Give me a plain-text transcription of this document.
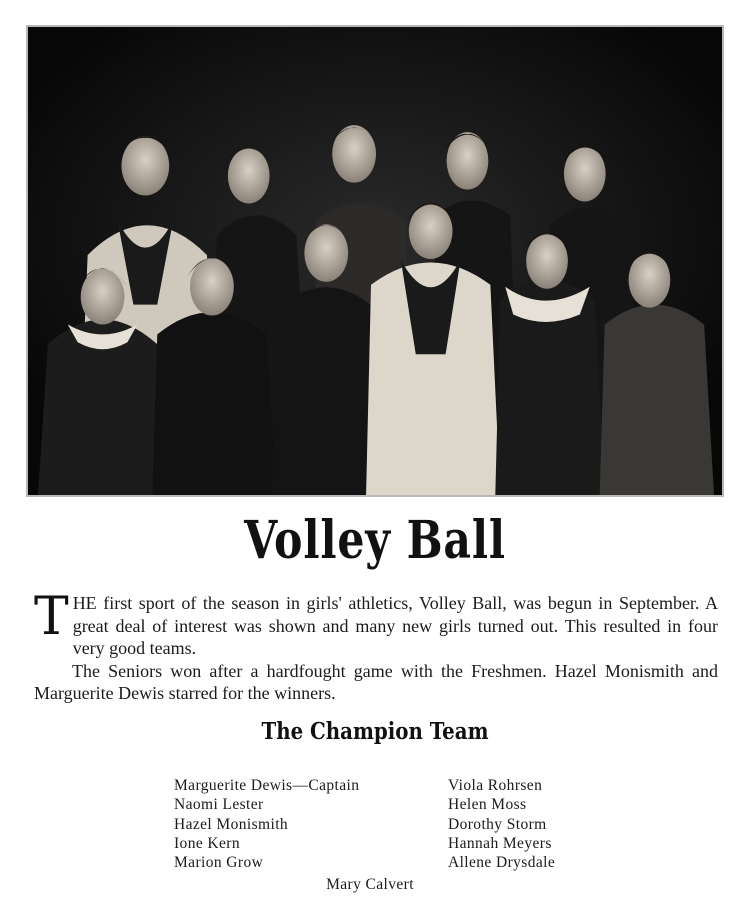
Volley Ball

THE first sport of the season in girls' athletics, Volley Ball, was begun in September. A great deal of interest was shown and many new girls turned out. This resulted in four very good teams.

The Seniors won after a hardfought game with the Freshmen. Hazel Monismith and Marguerite Dewis starred for the winners.

The Champion Team
Marguerite Dewis—Captain
Naomi Lester
Hazel Monismith
Ione Kern
Marion Grow
Viola Rohrsen
Helen Moss
Dorothy Storm
Hannah Meyers
Allene Drysdale
Mary Calvert
